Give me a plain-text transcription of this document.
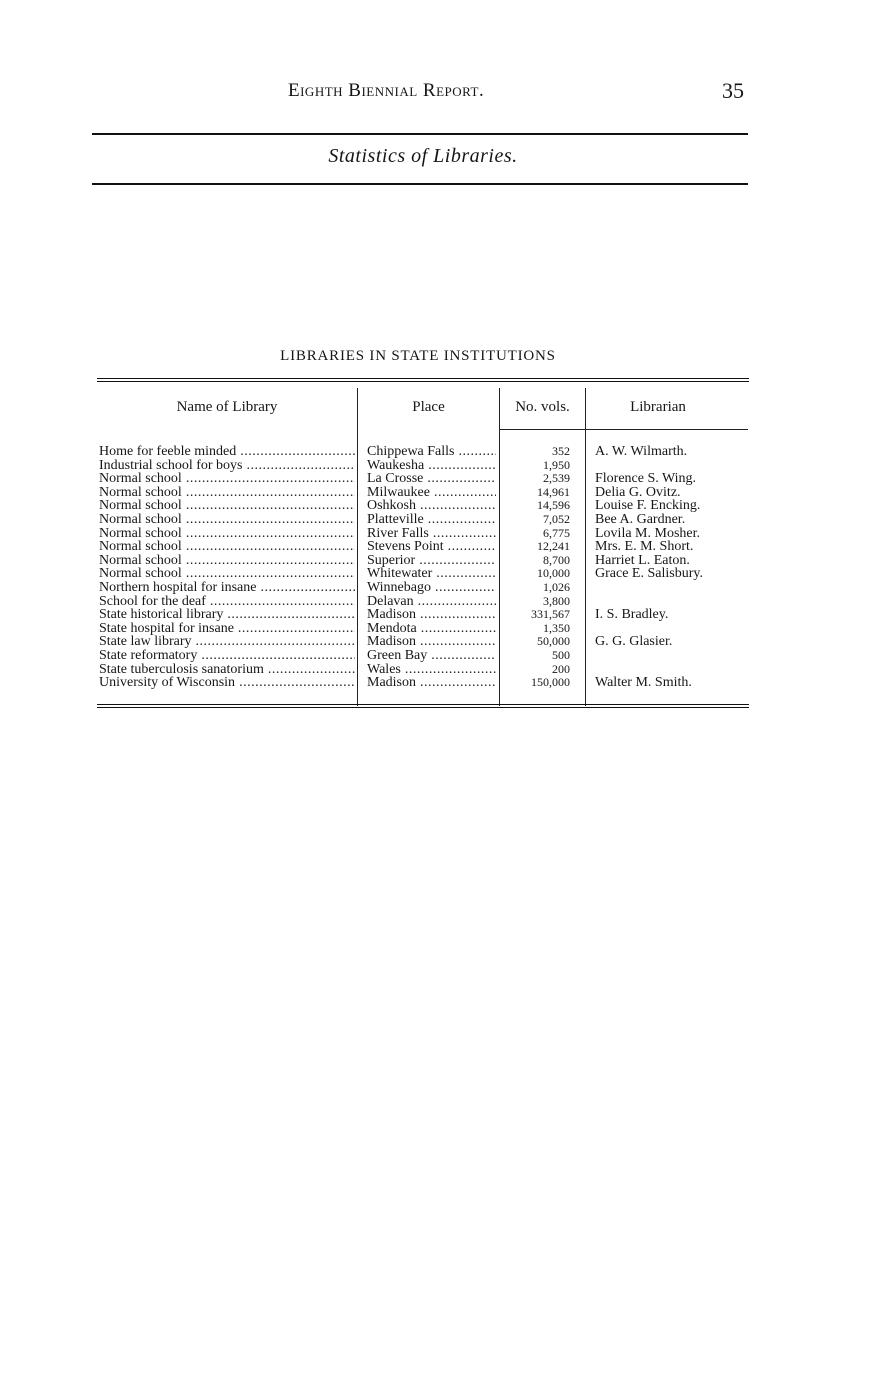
Eighth Biennial Report.	35
Statistics of Libraries.
LIBRARIES IN STATE INSTITUTIONS
Name of Library	Place	No. vols.	Librarian
Home for feeble minded .....	Chippewa Falls .....	352 A. W. Wilmarth.
Industrial school for boys .....	Waukesha .....	1,950
Normal school .....	La Crosse .....	2,539 Florence S. Wing.
Normal school .....	Milwaukee .....	14,961 Delia G. Ovitz.
Normal school .....	Oshkosh .....	14,596 Louise F. Encking.
Normal school .....	Platteville .....	7,052 Bee A. Gardner.
Normal school .....	River Falls .....	6,775 Lovila M. Mosher.
Normal school .....	Stevens Point .....	12,241 Mrs. E. M. Short.
Normal school .....	Superior .....	8,700 Harriet L. Eaton.
Normal school .....	Whitewater .....	10,000 Grace E. Salisbury.
Northern hospital for insane .....	Winnebago .....	1,026
School for the deaf .....	Delavan .....	3,800
State historical library .....	Madison .....	331,567 I. S. Bradley.
State hospital for insane .....	Mendota .....	1,350
State law library .....	Madison .....	50,000 G. G. Glasier.
State reformatory .....	Green Bay .....	500
State tuberculosis sanatorium .....	Wales .....	200
University of Wisconsin .....	Madison .....	150,000 Walter M. Smith.
